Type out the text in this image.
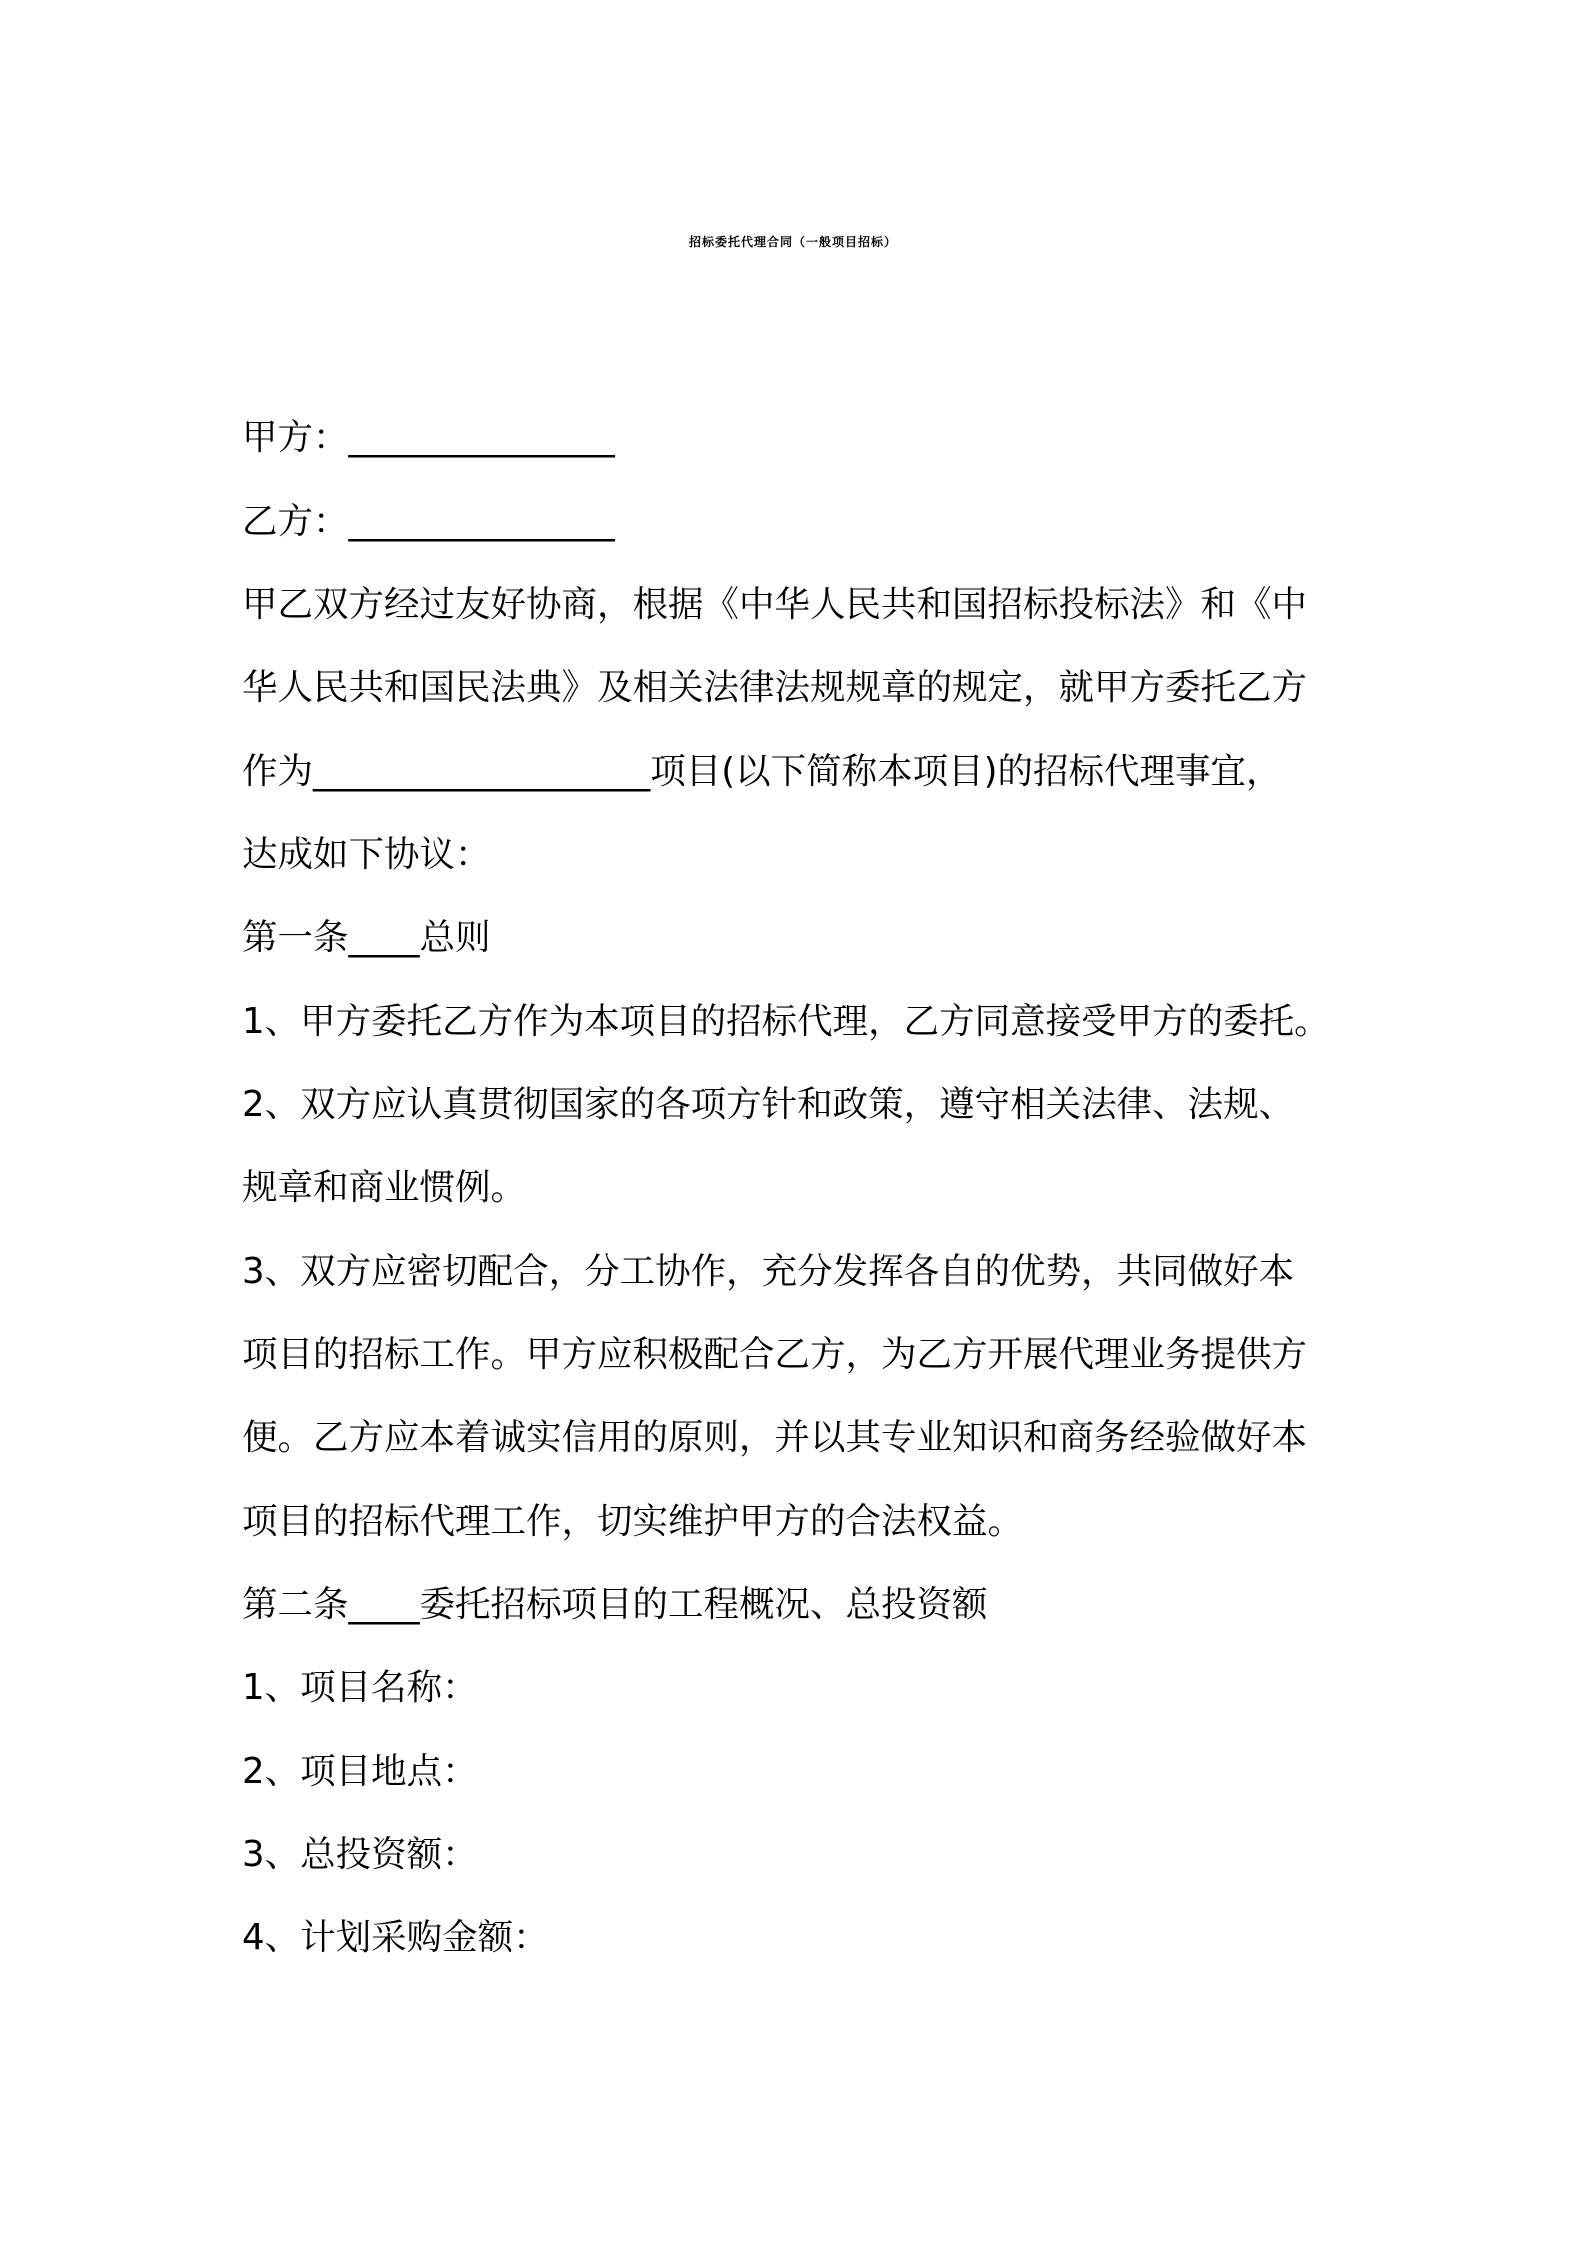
招标委托代理合同（一般项目招标）
甲方：_______________
乙方：_______________
甲乙双方经过友好协商，根据《中华人民共和国招标投标法》和《中
华人民共和国民法典》及相关法律法规规章的规定，就甲方委托乙方
作为___________________项目(以下简称本项目)的招标代理事宜，
达成如下协议：
第一条____总则
1、甲方委托乙方作为本项目的招标代理，乙方同意接受甲方的委托。
2、双方应认真贯彻国家的各项方针和政策，遵守相关法律、法规、
规章和商业惯例。
3、双方应密切配合，分工协作，充分发挥各自的优势，共同做好本
项目的招标工作。甲方应积极配合乙方，为乙方开展代理业务提供方
便。乙方应本着诚实信用的原则，并以其专业知识和商务经验做好本
项目的招标代理工作，切实维护甲方的合法权益。
第二条____委托招标项目的工程概况、总投资额
1、项目名称：
2、项目地点：
3、总投资额：
4、计划采购金额：
